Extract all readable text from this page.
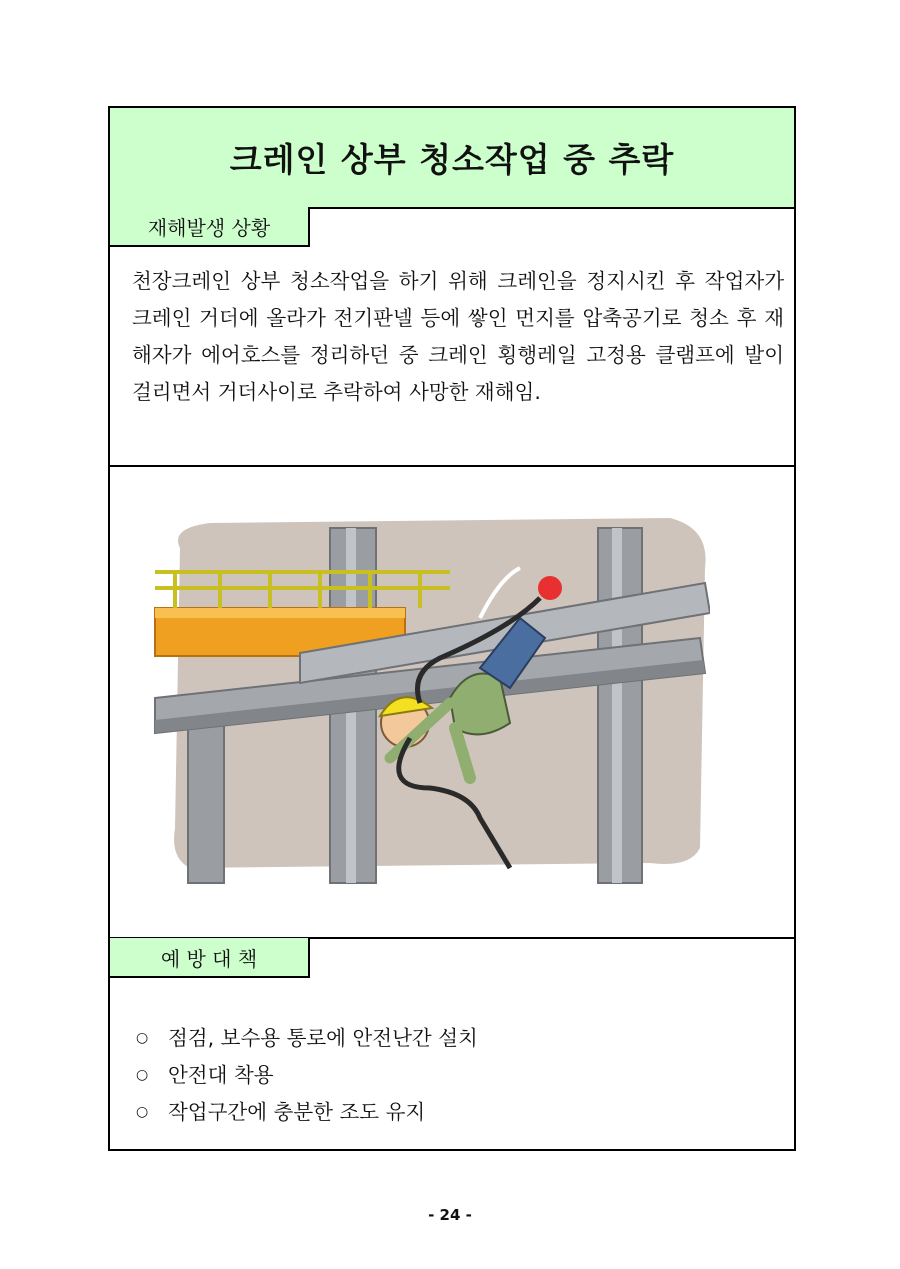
크레인 상부 청소작업 중 추락
재해발생 상황
천장크레인 상부 청소작업을 하기 위해 크레인을 정지시킨 후 작업자가 크레인 거더에 올라가 전기판넬 등에 쌓인 먼지를 압축공기로 청소 후 재해자가 에어호스를 정리하던 중 크레인 횡행레일 고정용 클램프에 발이 걸리면서 거더사이로 추락하여 사망한 재해임.
예 방 대 책
○ 점검, 보수용 통로에 안전난간 설치
○ 안전대 착용
○ 작업구간에 충분한 조도 유지
- 24 -
